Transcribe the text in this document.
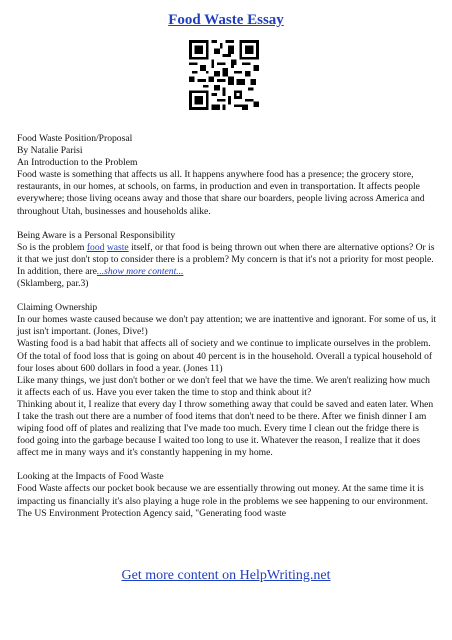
Food Waste Essay

Food Waste Position/Proposal

By Natalie Parisi

An Introduction to the Problem

Food waste is something that affects us all. It happens anywhere food has a presence; the grocery store, restaurants, in our homes, at schools, on farms, in production and even in transportation. It affects people everywhere; those living oceans away and those that share our boarders, people living across America and throughout Utah, businesses and households alike.

Being Aware is a Personal Responsibility

So is the problem food waste itself, or that food is being thrown out when there are alternative options? Or is it that we just don't stop to consider there is a problem? My concern is that it's not a priority for most people. In addition, there are...show more content...

(Sklamberg, par.3)

Claiming Ownership

In our homes waste caused because we don't pay attention; we are inattentive and ignorant. For some of us, it just isn't important. (Jones, Dive!)

Wasting food is a bad habit that affects all of society and we continue to implicate ourselves in the problem. Of the total of food loss that is going on about 40 percent is in the household. Overall a typical household of four loses about 600 dollars in food a year. (Jones 11)

Like many things, we just don't bother or we don't feel that we have the time. We aren't realizing how much it affects each of us. Have you ever taken the time to stop and think about it?

Thinking about it, I realize that every day I throw something away that could be saved and eaten later. When I take the trash out there are a number of food items that don't need to be there. After we finish dinner I am wiping food off of plates and realizing that I've made too much. Every time I clean out the fridge there is food going into the garbage because I waited too long to use it. Whatever the reason, I realize that it does affect me in many ways and it's constantly happening in my home.

Looking at the Impacts of Food Waste

Food Waste affects our pocket book because we are essentially throwing out money. At the same time it is impacting us financially it's also playing a huge role in the problems we see happening to our environment.

The US Environment Protection Agency said, "Generating food waste

Get more content on HelpWriting.net
